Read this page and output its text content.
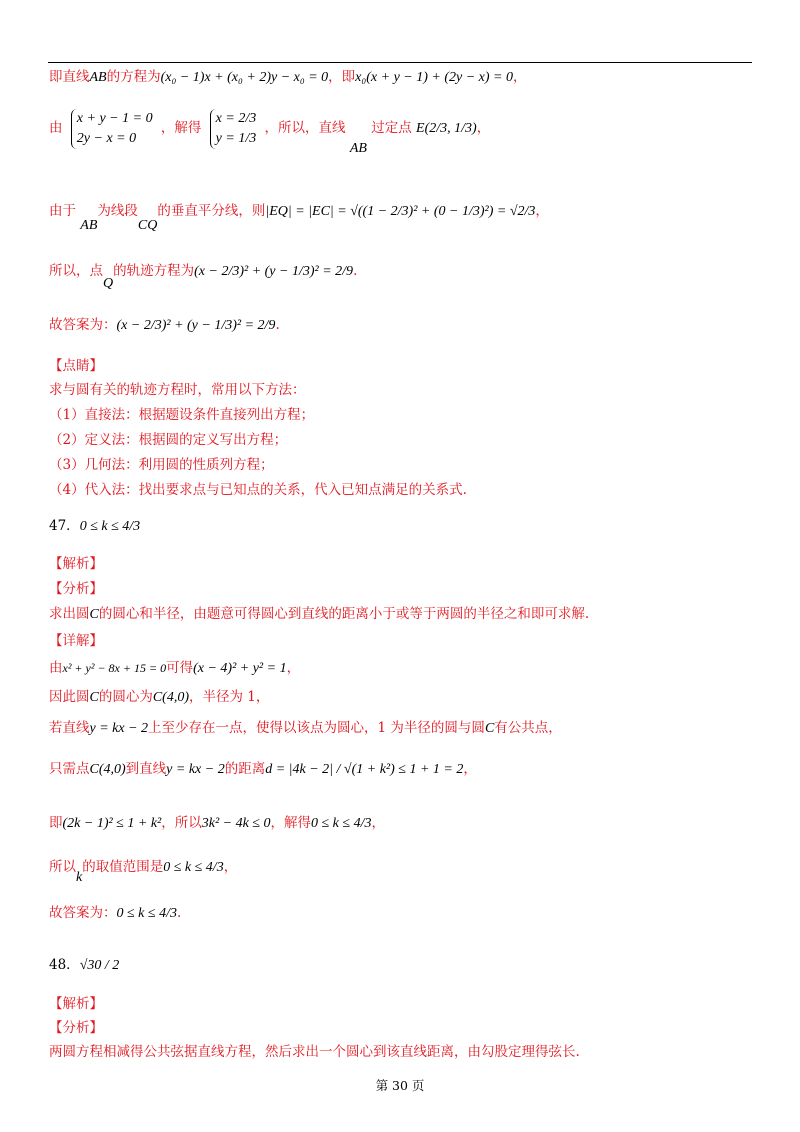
即直线AB的方程为(x₀ − 1)x + (x₀ + 2)y − x₀ = 0，即x₀(x + y − 1) + (2y − x) = 0，
由
x + y − 1 = 0
2y − x = 0
，解得
x = 2/3
y = 1/3
，所以，直线 AB 过定点 E(2/3, 1/3)，
由于 AB为线段CQ的垂直平分线，则|EQ| = |EC| = √((1 − 2/3)² + (0 − 1/3)²) = √2/3，
所以，点Q的轨迹方程为(x − 2/3)² + (y − 1/3)² = 2/9.
故答案为：(x − 2/3)² + (y − 1/3)² = 2/9.
【点睛】
求与圆有关的轨迹方程时，常用以下方法：
（1）直接法：根据题设条件直接列出方程；
（2）定义法：根据圆的定义写出方程；
（3）几何法：利用圆的性质列方程；
（4）代入法：找出要求点与已知点的关系，代入已知点满足的关系式.
47．0 ≤ k ≤ 4/3
【解析】
【分析】
求出圆C的圆心和半径，由题意可得圆心到直线的距离小于或等于两圆的半径之和即可求解.
【详解】
由x² + y² − 8x + 15 = 0可得(x − 4)² + y² = 1，
因此圆C的圆心为C(4,0)，半径为 1，
若直线y = kx − 2上至少存在一点，使得以该点为圆心，1 为半径的圆与圆C有公共点，
只需点C(4,0)到直线y = kx − 2的距离d = |4k − 2| / √(1 + k²) ≤ 1 + 1 = 2，
即(2k − 1)² ≤ 1 + k²，所以3k² − 4k ≤ 0，解得0 ≤ k ≤ 4/3，
所以k的取值范围是0 ≤ k ≤ 4/3，
故答案为：0 ≤ k ≤ 4/3.
48．√30 / 2
【解析】
【分析】
两圆方程相减得公共弦据直线方程，然后求出一个圆心到该直线距离，由勾股定理得弦长.
第 30 页
